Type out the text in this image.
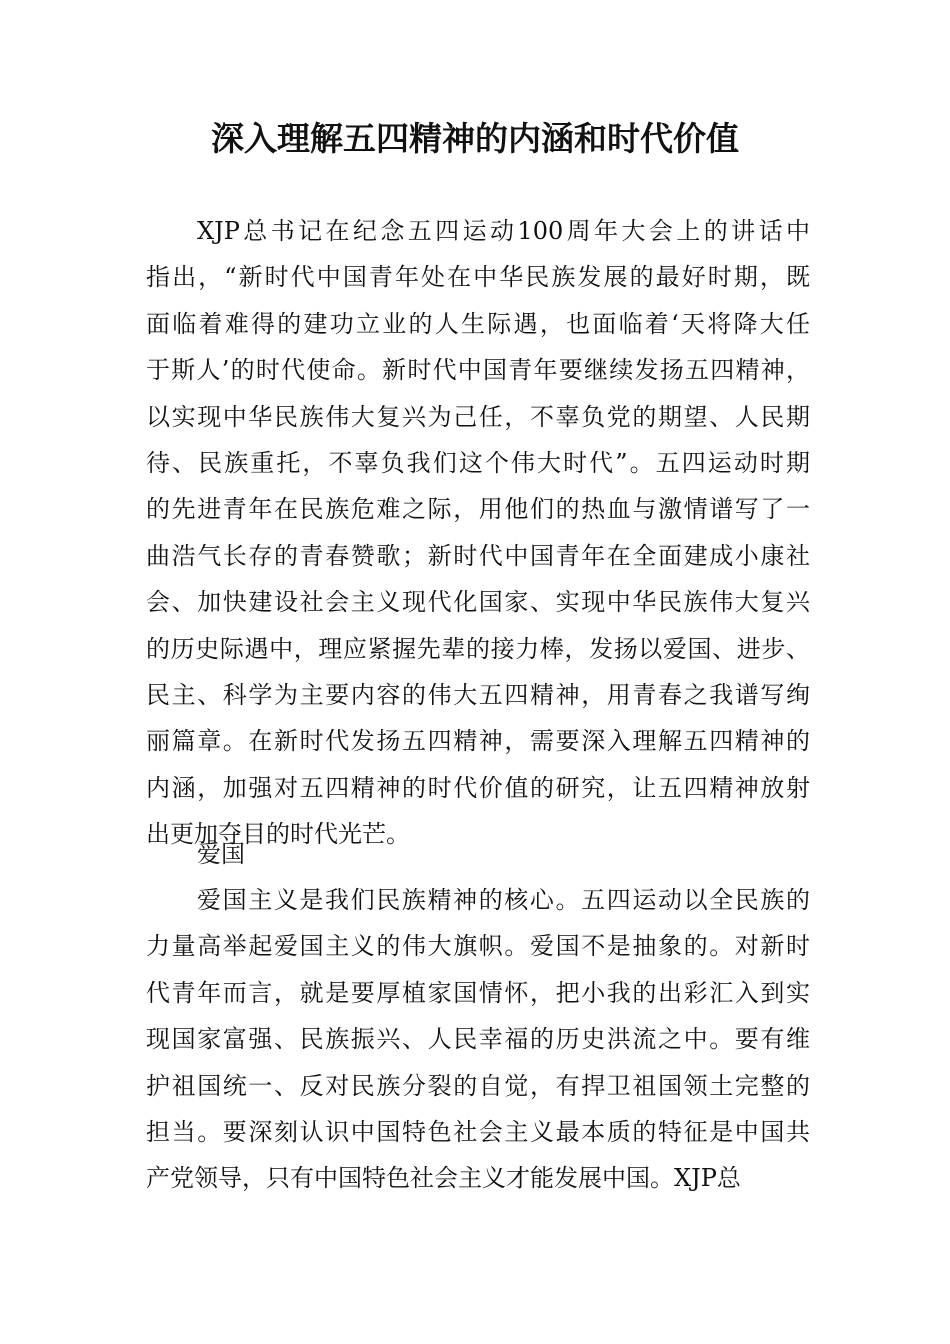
深入理解五四精神的内涵和时代价值
XJP总书记在纪念五四运动100周年大会上的讲话中
指出，“新时代中国青年处在中华民族发展的最好时期，既
面临着难得的建功立业的人生际遇，也面临着‘天将降大任
于斯人’的时代使命。新时代中国青年要继续发扬五四精神，
以实现中华民族伟大复兴为己任，不辜负党的期望、人民期
待、民族重托，不辜负我们这个伟大时代”。五四运动时期
的先进青年在民族危难之际，用他们的热血与激情谱写了一
曲浩气长存的青春赞歌；新时代中国青年在全面建成小康社
会、加快建设社会主义现代化国家、实现中华民族伟大复兴
的历史际遇中，理应紧握先辈的接力棒，发扬以爱国、进步、
民主、科学为主要内容的伟大五四精神，用青春之我谱写绚
丽篇章。在新时代发扬五四精神，需要深入理解五四精神的
内涵，加强对五四精神的时代价值的研究，让五四精神放射
出更加夺目的时代光芒。
爱国
爱国主义是我们民族精神的核心。五四运动以全民族的
力量高举起爱国主义的伟大旗帜。爱国不是抽象的。对新时
代青年而言，就是要厚植家国情怀，把小我的出彩汇入到实
现国家富强、民族振兴、人民幸福的历史洪流之中。要有维
护祖国统一、反对民族分裂的自觉，有捍卫祖国领土完整的
担当。要深刻认识中国特色社会主义最本质的特征是中国共
产党领导，只有中国特色社会主义才能发展中国。XJP总
